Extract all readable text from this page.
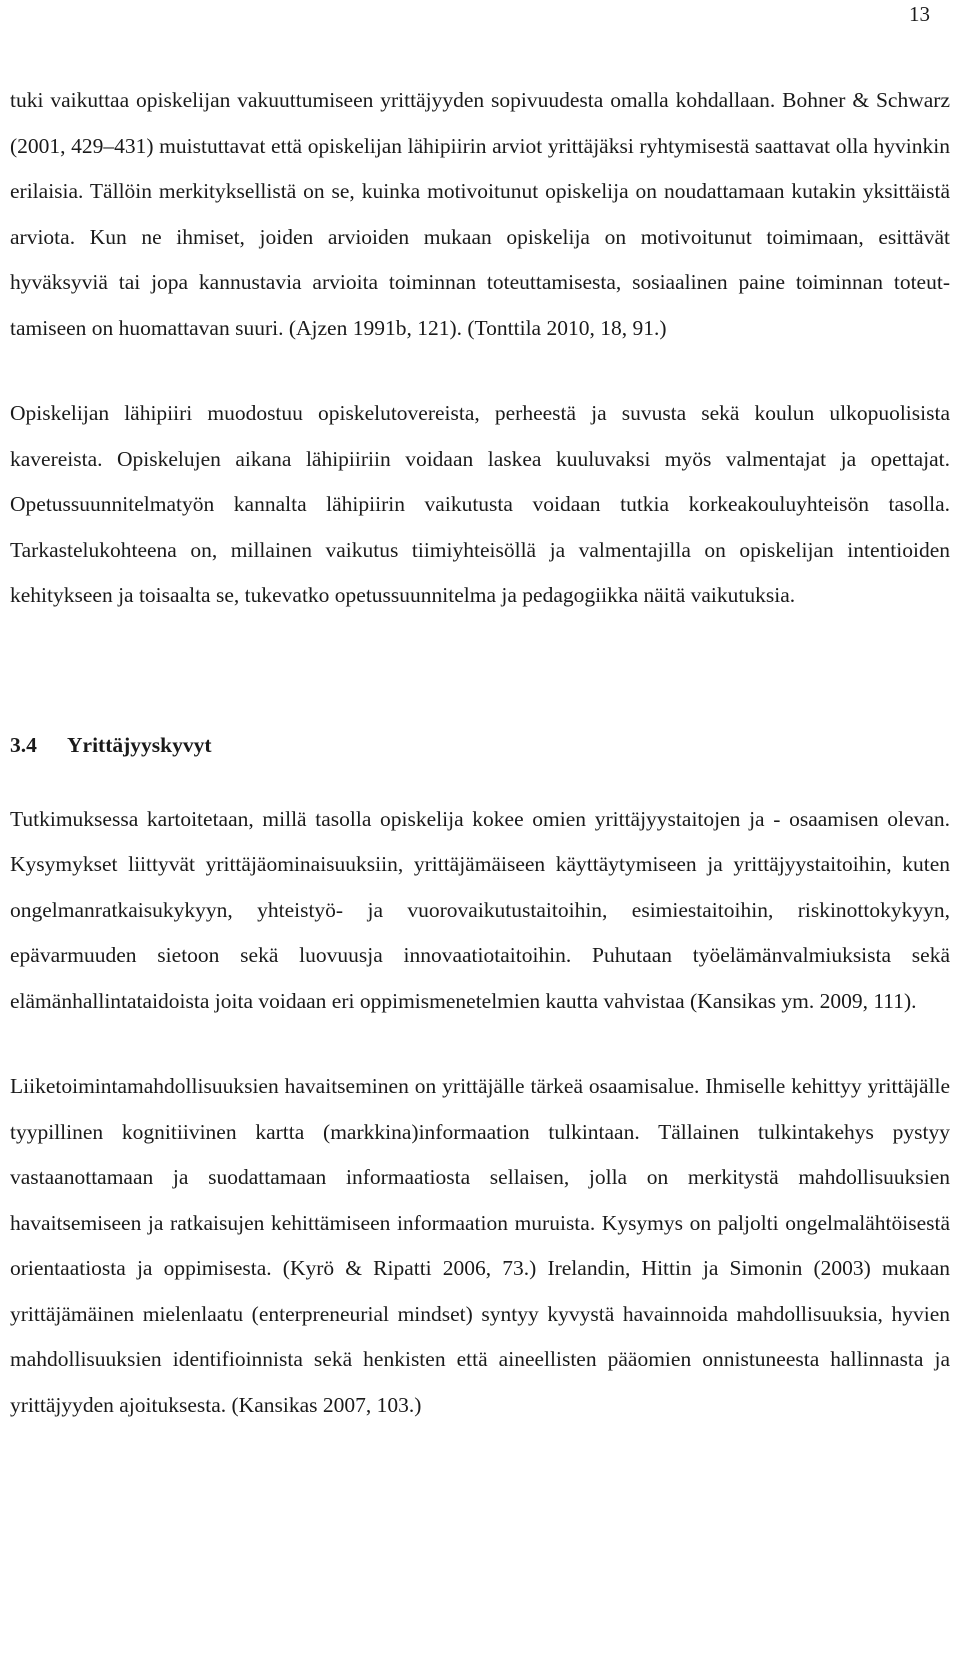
13

tuki vaikuttaa opiskelijan vakuuttumiseen yrittäjyyden sopivuudesta omalla kohdallaan. Bohner & Schwarz (2001, 429–431) muistuttavat että opiskelijan lähipiirin arviot yrittäjäksi ryhtymisestä saattavat olla hyvinkin erilaisia. Tällöin merkityksellistä on se, kuinka motivoitunut opiskelija on noudattamaan kutakin yksittäistä arviota. Kun ne ihmiset, joiden arvioiden mukaan opiskelija on motivoitunut toimimaan, esittävät hyväksyviä tai jopa kannustavia arvioita toiminnan toteuttamisesta, sosiaalinen paine toiminnan toteuttamiseen on huomattavan suuri. (Ajzen 1991b, 121). (Tonttila 2010, 18, 91.)

Opiskelijan lähipiiri muodostuu opiskelutovereista, perheestä ja suvusta sekä koulun ulkopuolisista kavereista. Opiskelujen aikana lähipiiriin voidaan laskea kuuluvaksi myös valmentajat ja opettajat. Opetussuunnitelmatyön kannalta lähipiirin vaikutusta voidaan tutkia korkeakouluyhteisön tasolla. Tarkastelukohteena on, millainen vaikutus tiimiyhteisöllä ja valmentajilla on opiskelijan intentioiden kehitykseen ja toisaalta se, tukevatko opetussuunnitelma ja pedagogiikka näitä vaikutuksia.

3.4	Yrittäjyyskyvyt

Tutkimuksessa kartoitetaan, millä tasolla opiskelija kokee omien yrittäjyystaitojen ja - osaamisen olevan. Kysymykset liittyvät yrittäjäominaisuuksiin, yrittäjämäiseen käyttäytymiseen ja yrittäjyystaitoihin, kuten ongelmanratkaisukykyyn, yhteistyö- ja vuorovaikutustaitoihin, esimiestaitoihin, riskinottokykyyn, epävarmuuden sietoon sekä luovuusja innovaatiotaitoihin. Puhutaan työelämänvalmiuksista sekä elämänhallintataidoista joita voidaan eri oppimismenetelmien kautta vahvistaa (Kansikas ym. 2009, 111).

Liiketoimintamahdollisuuksien havaitseminen on yrittäjälle tärkeä osaamisalue. Ihmiselle kehittyy yrittäjälle tyypillinen kognitiivinen kartta (markkina)informaation tulkintaan. Tällainen tulkintakehys pystyy vastaanottamaan ja suodattamaan informaatiosta sellaisen, jolla on merkitystä mahdollisuuksien havaitsemiseen ja ratkaisujen kehittämiseen informaation muruista. Kysymys on paljolti ongelmalähtöisestä orientaatiosta ja oppimisesta. (Kyrö & Ripatti 2006, 73.) Irelandin, Hittin ja Simonin (2003) mukaan yrittäjämäinen mielenlaatu (enterpreneurial mindset) syntyy kyvystä havainnoida mahdollisuuksia, hyvien mahdollisuuksien identifioinnista sekä henkisten että aineellisten pääomien onnistuneesta hallinnasta ja yrittäjyyden ajoituksesta. (Kansikas 2007, 103.)
